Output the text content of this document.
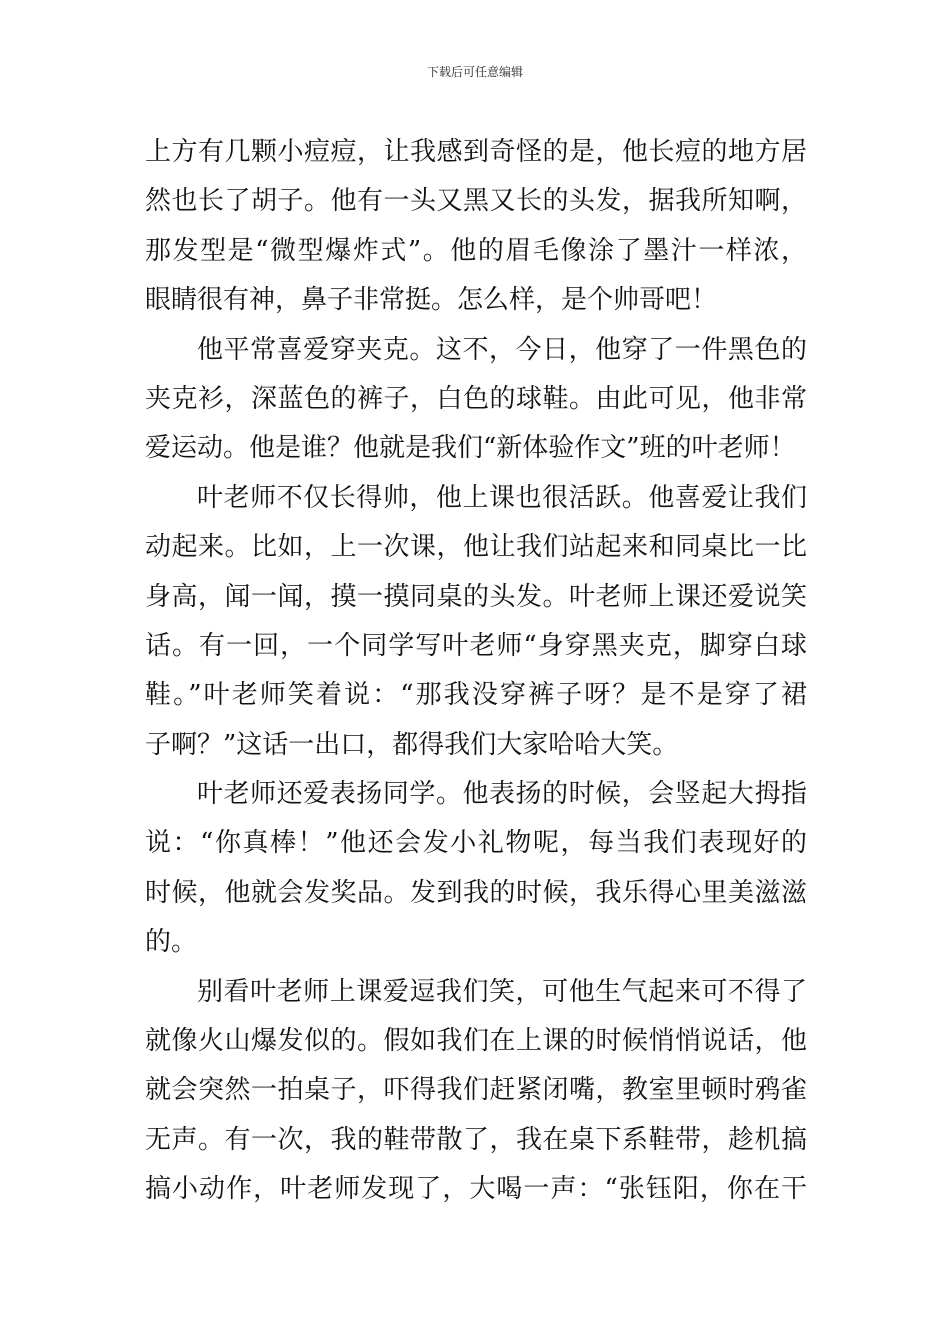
下载后可任意编辑
上方有几颗小痘痘，让我感到奇怪的是，他长痘的地方居
然也长了胡子。他有一头又黑又长的头发，据我所知啊，
那发型是“微型爆炸式”。他的眉毛像涂了墨汁一样浓，
眼睛很有神，鼻子非常挺。怎么样，是个帅哥吧！
他平常喜爱穿夹克。这不，今日，他穿了一件黑色的
夹克衫，深蓝色的裤子，白色的球鞋。由此可见，他非常
爱运动。他是谁？他就是我们“新体验作文”班的叶老师！
叶老师不仅长得帅，他上课也很活跃。他喜爱让我们
动起来。比如，上一次课，他让我们站起来和同桌比一比
身高，闻一闻，摸一摸同桌的头发。叶老师上课还爱说笑
话。有一回，一个同学写叶老师“身穿黑夹克，脚穿白球
鞋。”叶老师笑着说：“那我没穿裤子呀？是不是穿了裙
子啊？”这话一出口，都得我们大家哈哈大笑。
叶老师还爱表扬同学。他表扬的时候，会竖起大拇指
说：“你真棒！”他还会发小礼物呢，每当我们表现好的
时候，他就会发奖品。发到我的时候，我乐得心里美滋滋
的。
别看叶老师上课爱逗我们笑，可他生气起来可不得了
就像火山爆发似的。假如我们在上课的时候悄悄说话，他
就会突然一拍桌子，吓得我们赶紧闭嘴，教室里顿时鸦雀
无声。有一次，我的鞋带散了，我在桌下系鞋带，趁机搞
搞小动作，叶老师发现了，大喝一声：“张钰阳，你在干
